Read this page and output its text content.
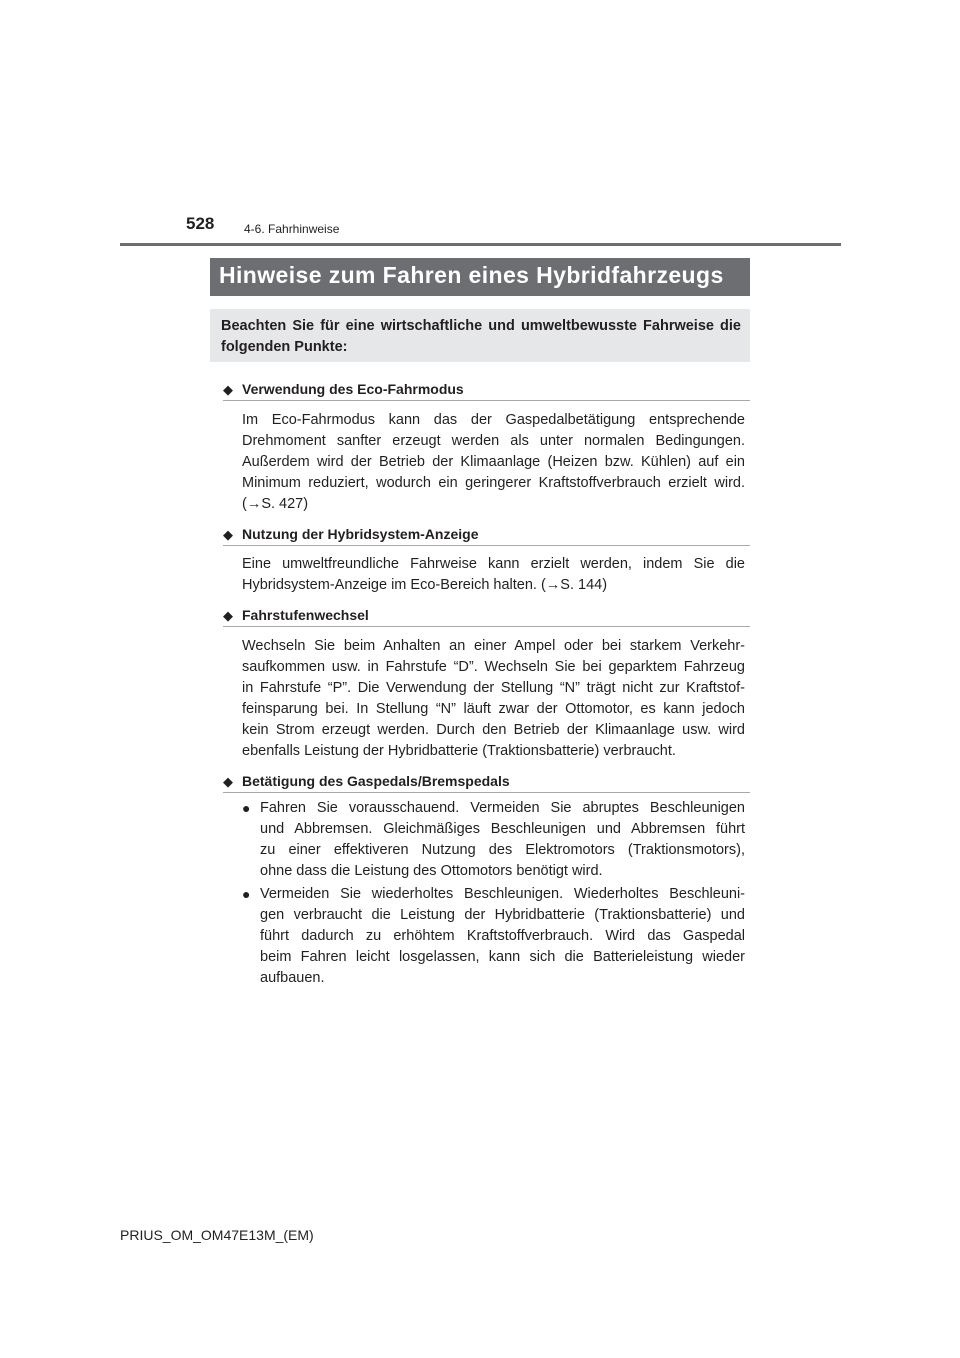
528 4-6. Fahrhinweise
Hinweise zum Fahren eines Hybridfahrzeugs

Beachten Sie für eine wirtschaftliche und umweltbewusste Fahrweise die folgenden Punkte:

◆ Verwendung des Eco-Fahrmodus
Im Eco-Fahrmodus kann das der Gaspedalbetätigung entsprechende
Drehmoment sanfter erzeugt werden als unter normalen Bedingungen.
Außerdem wird der Betrieb der Klimaanlage (Heizen bzw. Kühlen) auf ein
Minimum reduziert, wodurch ein geringerer Kraftstoffverbrauch erzielt wird.
(→S. 427)
◆ Nutzung der Hybridsystem-Anzeige
Eine umweltfreundliche Fahrweise kann erzielt werden, indem Sie die
Hybridsystem-Anzeige im Eco-Bereich halten. (→S. 144)
◆ Fahrstufenwechsel
Wechseln Sie beim Anhalten an einer Ampel oder bei starkem Verkehr-
saufkommen usw. in Fahrstufe “D”. Wechseln Sie bei geparktem Fahrzeug
in Fahrstufe “P”. Die Verwendung der Stellung “N” trägt nicht zur Kraftstof-
feinsparung bei. In Stellung “N” läuft zwar der Ottomotor, es kann jedoch
kein Strom erzeugt werden. Durch den Betrieb der Klimaanlage usw. wird
ebenfalls Leistung der Hybridbatterie (Traktionsbatterie) verbraucht.
◆ Betätigung des Gaspedals/Bremspedals
● Fahren Sie vorausschauend. Vermeiden Sie abruptes Beschleunigen
und Abbremsen. Gleichmäßiges Beschleunigen und Abbremsen führt
zu einer effektiveren Nutzung des Elektromotors (Traktionsmotors),
ohne dass die Leistung des Ottomotors benötigt wird.
● Vermeiden Sie wiederholtes Beschleunigen. Wiederholtes Beschleuni-
gen verbraucht die Leistung der Hybridbatterie (Traktionsbatterie) und
führt dadurch zu erhöhtem Kraftstoffverbrauch. Wird das Gaspedal
beim Fahren leicht losgelassen, kann sich die Batterieleistung wieder
aufbauen.
PRIUS_OM_OM47E13M_(EM)
